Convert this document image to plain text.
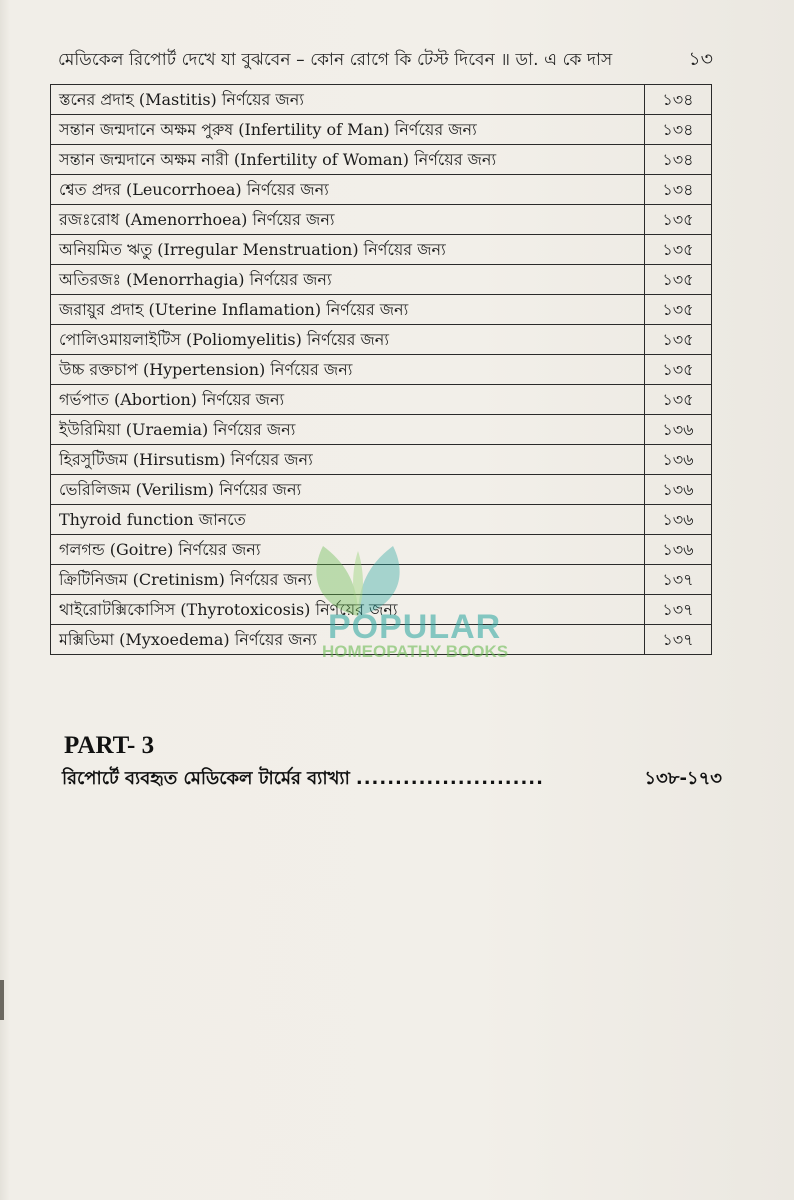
মেডিকেল রিপোর্ট দেখে যা বুঝবেন – কোন রোগে কি টেস্ট দিবেন ॥ ডা. এ কে দাস	১৩
স্তনের প্রদাহ (Mastitis) নির্ণয়ের জন্য	১৩৪
সন্তান জন্মদানে অক্ষম পুরুষ (Infertility of Man) নির্ণয়ের জন্য	১৩৪
সন্তান জন্মদানে অক্ষম নারী (Infertility of Woman) নির্ণয়ের জন্য	১৩৪
শ্বেত প্রদর (Leucorrhoea) নির্ণয়ের জন্য	১৩৪
রজঃরোধ (Amenorrhoea) নির্ণয়ের জন্য	১৩৫
অনিয়মিত ঋতু (Irregular Menstruation) নির্ণয়ের জন্য	১৩৫
অতিরজঃ (Menorrhagia) নির্ণয়ের জন্য	১৩৫
জরায়ুর প্রদাহ (Uterine Inflamation) নির্ণয়ের জন্য	১৩৫
পোলিওমায়লাইটিস (Poliomyelitis) নির্ণয়ের জন্য	১৩৫
উচ্চ রক্তচাপ (Hypertension) নির্ণয়ের জন্য	১৩৫
গর্ভপাত (Abortion) নির্ণয়ের জন্য	১৩৫
ইউরিমিয়া (Uraemia) নির্ণয়ের জন্য	১৩৬
হিরসুটিজম (Hirsutism) নির্ণয়ের জন্য	১৩৬
ভেরিলিজম (Verilism) নির্ণয়ের জন্য	১৩৬
Thyroid function জানতে	১৩৬
গলগন্ড (Goitre) নির্ণয়ের জন্য	১৩৬
ক্রিটিনিজম (Cretinism) নির্ণয়ের জন্য	১৩৭
থাইরোটক্সিকোসিস (Thyrotoxicosis) নির্ণয়ের জন্য	১৩৭
মক্সিডিমা (Myxoedema) নির্ণয়ের জন্য	১৩৭
POPULAR
HOMEOPATHY BOOKS
PART- 3
রিপোর্টে ব্যবহৃত মেডিকেল টার্মের ব্যাখ্যা ........................	১৩৮-১৭৩
